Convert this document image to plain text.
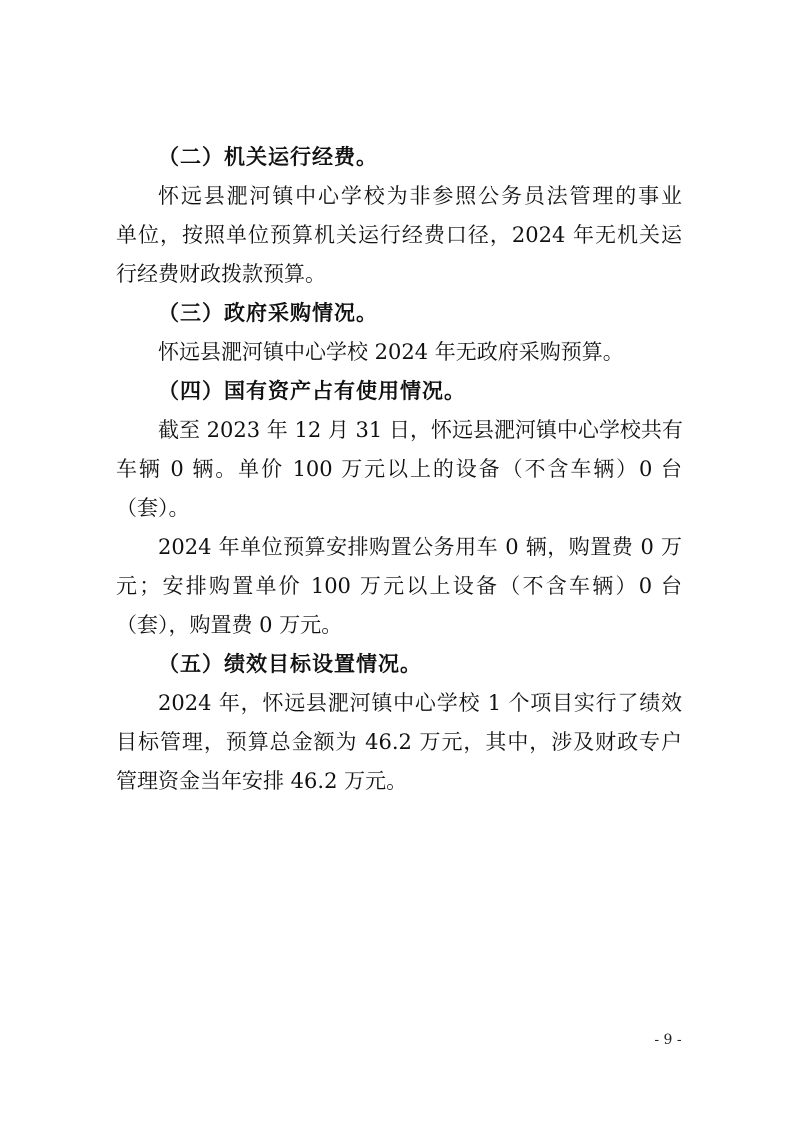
（二）机关运行经费。
怀远县淝河镇中心学校为非参照公务员法管理的事业
单位，按照单位预算机关运行经费口径，2024 年无机关运
行经费财政拨款预算。
（三）政府采购情况。
怀远县淝河镇中心学校 2024 年无政府采购预算。
（四）国有资产占有使用情况。
截至 2023 年 12 月 31 日，怀远县淝河镇中心学校共有
车辆 0 辆。单价 100 万元以上的设备（不含车辆）0 台
（套）。
2024 年单位预算安排购置公务用车 0 辆，购置费 0 万
元；安排购置单价 100 万元以上设备（不含车辆）0 台
（套），购置费 0 万元。
（五）绩效目标设置情况。
2024 年，怀远县淝河镇中心学校 1 个项目实行了绩效
目标管理，预算总金额为 46.2 万元，其中，涉及财政专户
管理资金当年安排 46.2 万元。
- 9 -
